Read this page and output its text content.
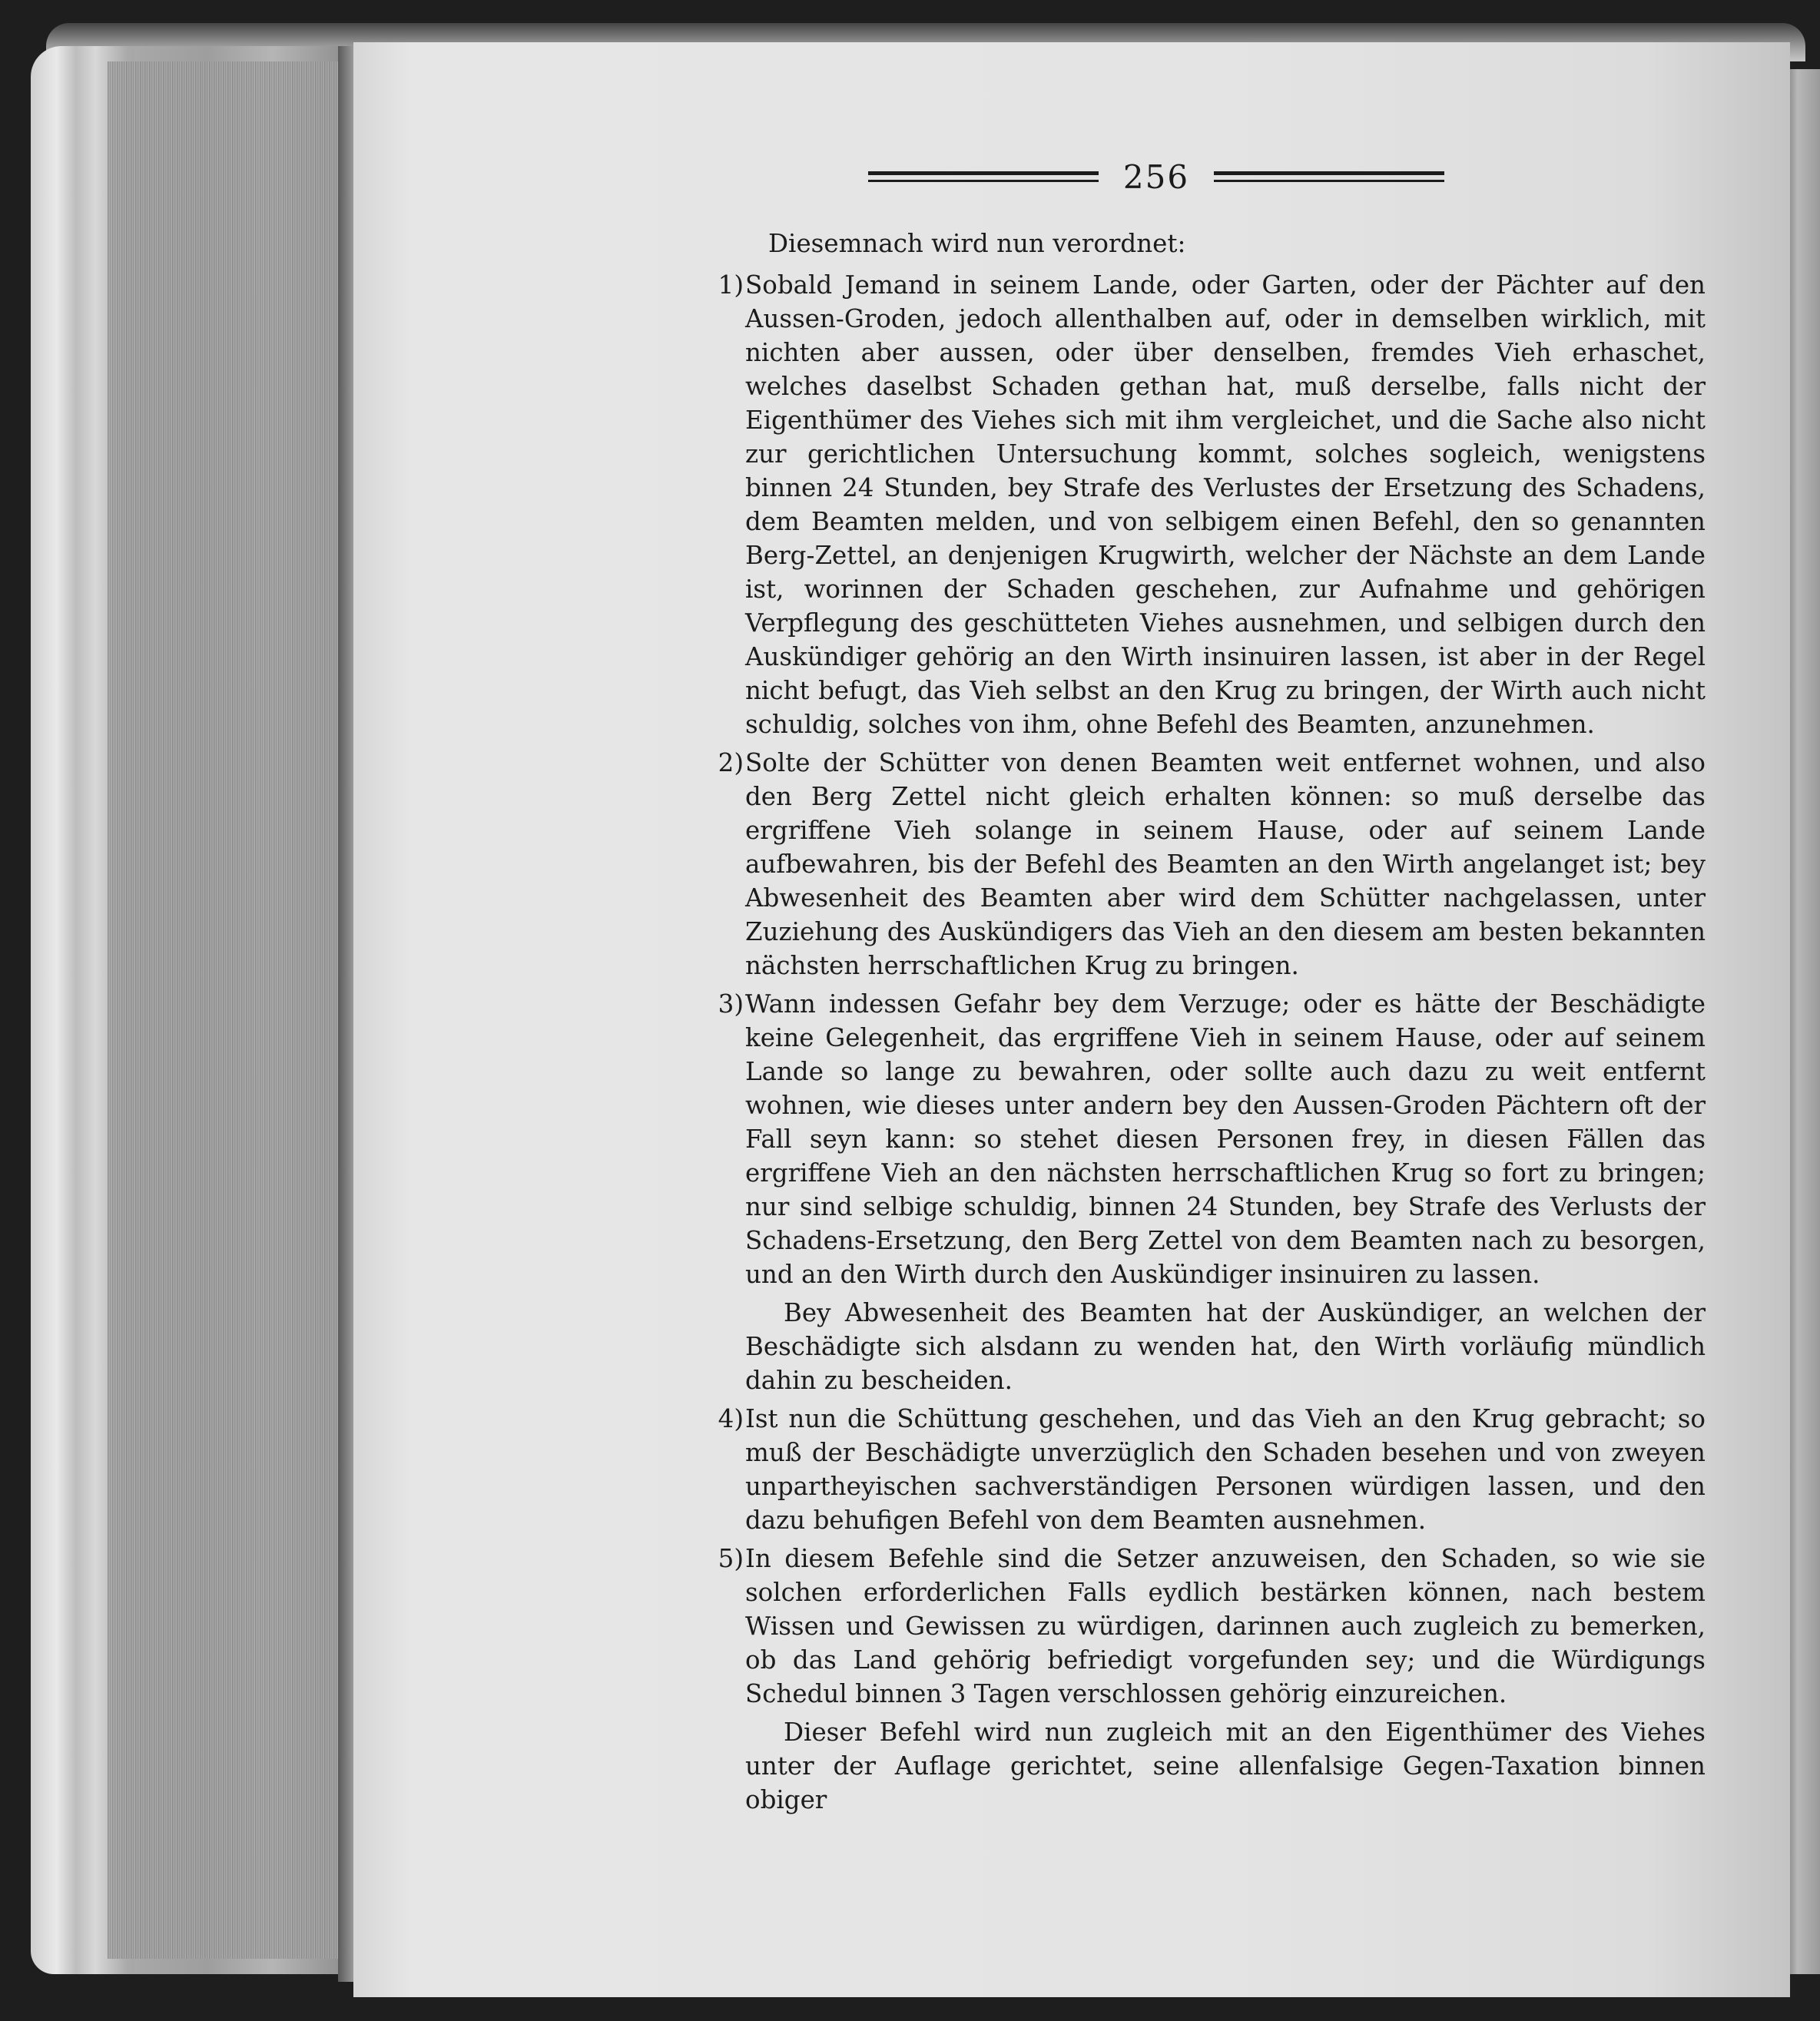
256
Diesemnach wird nun verordnet:
1) Sobald Jemand in seinem Lande, oder Garten, oder der Pächter auf den Aussen-Groden, jedoch allenthalben auf, oder in demselben wirklich, mit nichten aber aussen, oder über denselben, fremdes Vieh erhaschet, welches daselbst Schaden gethan hat, muß derselbe, falls nicht der Eigenthümer des Viehes sich mit ihm vergleichet, und die Sache also nicht zur gerichtlichen Untersuchung kommt, solches sogleich, wenigstens binnen 24 Stunden, bey Strafe des Verlustes der Ersetzung des Schadens, dem Beamten melden, und von selbigem einen Befehl, den so genannten Berg-Zettel, an denjenigen Krugwirth, welcher der Nächste an dem Lande ist, worinnen der Schaden geschehen, zur Aufnahme und gehörigen Verpflegung des geschütteten Viehes ausnehmen, und selbigen durch den Auskündiger gehörig an den Wirth insinuiren lassen, ist aber in der Regel nicht befugt, das Vieh selbst an den Krug zu bringen, der Wirth auch nicht schuldig, solches von ihm, ohne Befehl des Beamten, anzunehmen.
2) Solte der Schütter von denen Beamten weit entfernet wohnen, und also den Berg Zettel nicht gleich erhalten können: so muß derselbe das ergriffene Vieh solange in seinem Hause, oder auf seinem Lande aufbewahren, bis der Befehl des Beamten an den Wirth angelanget ist; bey Abwesenheit des Beamten aber wird dem Schütter nachgelassen, unter Zuziehung des Auskündigers das Vieh an den diesem am besten bekannten nächsten herrschaftlichen Krug zu bringen.
3) Wann indessen Gefahr bey dem Verzuge; oder es hätte der Beschädigte keine Gelegenheit, das ergriffene Vieh in seinem Hause, oder auf seinem Lande so lange zu bewahren, oder sollte auch dazu zu weit entfernt wohnen, wie dieses unter andern bey den Aussen-Groden Pächtern oft der Fall seyn kann: so stehet diesen Personen frey, in diesen Fällen das ergriffene Vieh an den nächsten herrschaftlichen Krug so fort zu bringen; nur sind selbige schuldig, binnen 24 Stunden, bey Strafe des Verlusts der Schadens-Ersetzung, den Berg Zettel von dem Beamten nach zu besorgen, und an den Wirth durch den Auskündiger insinuiren zu lassen.
Bey Abwesenheit des Beamten hat der Auskündiger, an welchen der Beschädigte sich alsdann zu wenden hat, den Wirth vorläufig mündlich dahin zu bescheiden.
4) Ist nun die Schüttung geschehen, und das Vieh an den Krug gebracht; so muß der Beschädigte unverzüglich den Schaden besehen und von zweyen unpartheyischen sachverständigen Personen würdigen lassen, und den dazu behufigen Befehl von dem Beamten ausnehmen.
5) In diesem Befehle sind die Setzer anzuweisen, den Schaden, so wie sie solchen erforderlichen Falls eydlich bestärken können, nach bestem Wissen und Gewissen zu würdigen, darinnen auch zugleich zu bemerken, ob das Land gehörig befriedigt vorgefunden sey; und die Würdigungs Schedul binnen 3 Tagen verschlossen gehörig einzureichen.
Dieser Befehl wird nun zugleich mit an den Eigenthümer des Viehes unter der Auflage gerichtet, seine allenfalsige Gegen-Taxation binnen obiger
